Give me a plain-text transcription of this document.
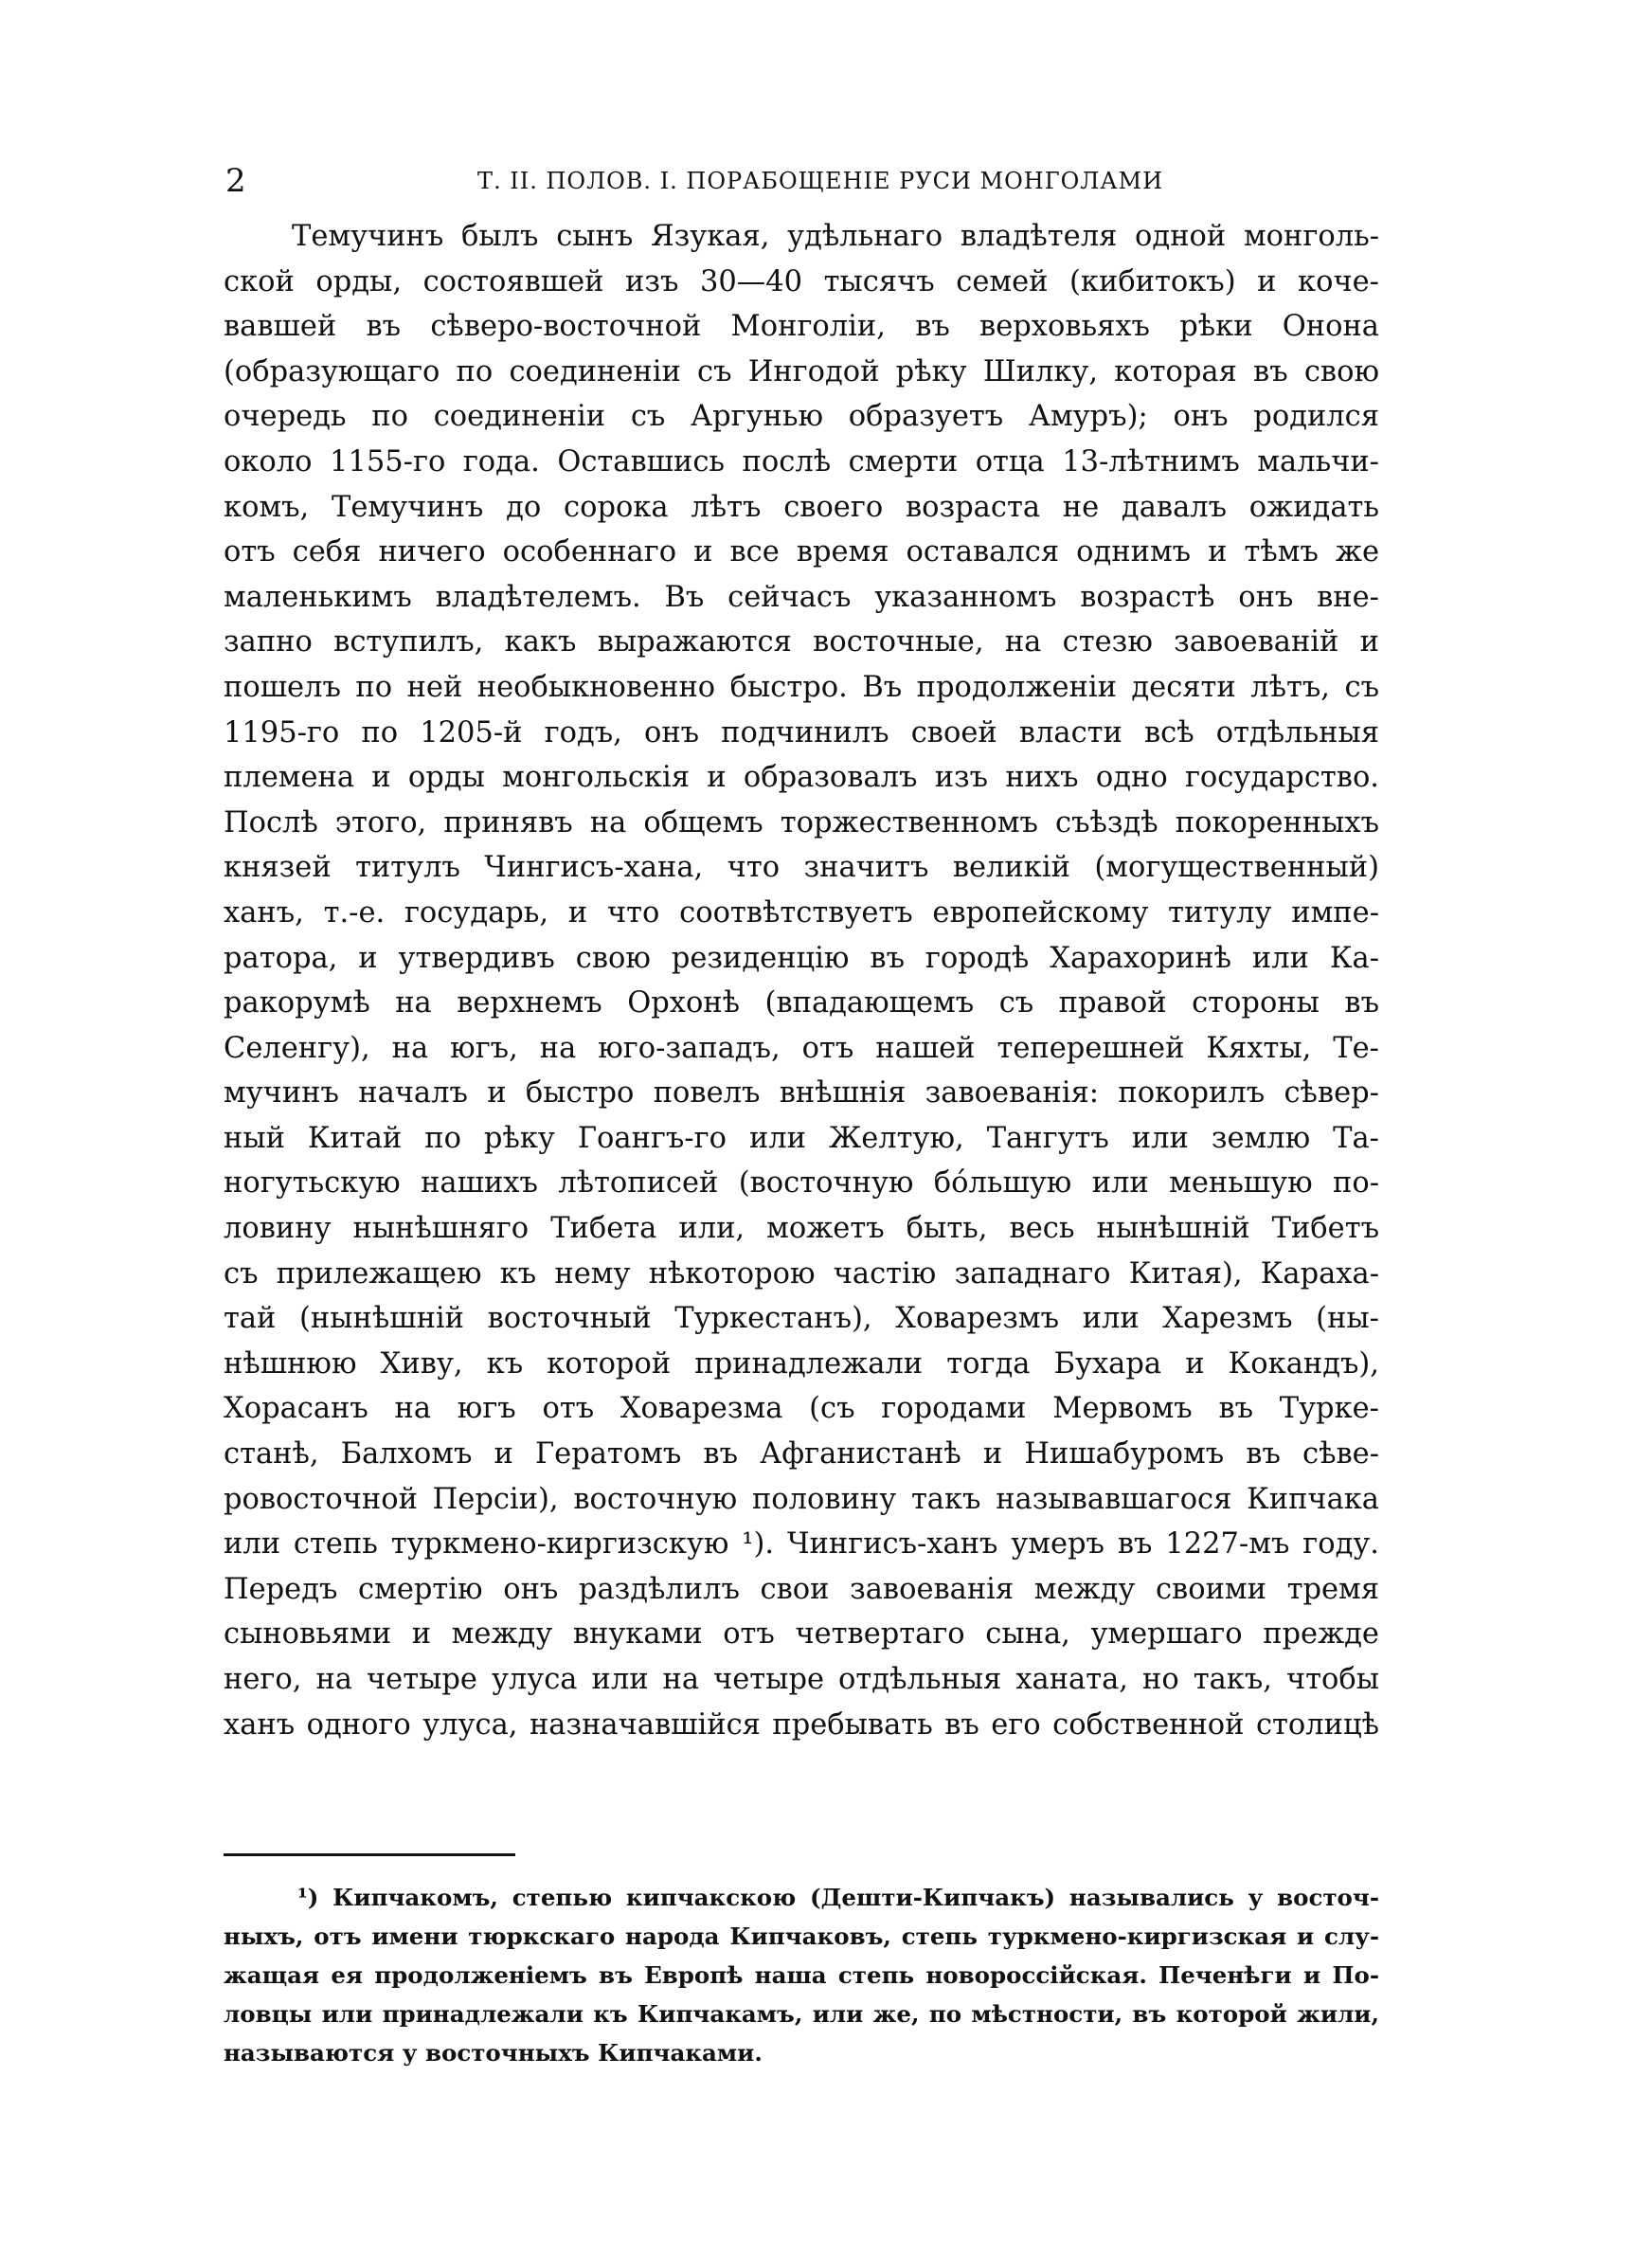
2	Т. II. ПОЛОВ. I. ПОРАБОЩЕНІЕ РУСИ МОНГОЛАМИ
Темучинъ былъ сынъ Язукая, удѣльнаго владѣтеля одной монголь-
ской орды, состоявшей изъ 30—40 тысячъ семей (кибитокъ) и коче-
вавшей въ сѣверо-восточной Монголіи, въ верховьяхъ рѣки Онона
(образующаго по соединеніи съ Ингодой рѣку Шилку, которая въ свою
очередь по соединеніи съ Аргунью образуетъ Амуръ); онъ родился
около 1155-го года. Оставшись послѣ смерти отца 13-лѣтнимъ мальчи-
комъ, Темучинъ до сорока лѣтъ своего возраста не давалъ ожидать
отъ себя ничего особеннаго и все время оставался однимъ и тѣмъ же
маленькимъ владѣтелемъ. Въ сейчасъ указанномъ возрастѣ онъ вне-
запно вступилъ, какъ выражаются восточные, на стезю завоеваній и
пошелъ по ней необыкновенно быстро. Въ продолженіи десяти лѣтъ, съ
1195-го по 1205-й годъ, онъ подчинилъ своей власти всѣ отдѣльныя
племена и орды монгольскія и образовалъ изъ нихъ одно государство.
Послѣ этого, принявъ на общемъ торжественномъ съѣздѣ покоренныхъ
князей титулъ Чингисъ-хана, что значитъ великій (могущественный)
ханъ, т.-е. государь, и что соотвѣтствуетъ европейскому титулу импе-
ратора, и утвердивъ свою резиденцію въ городѣ Харахоринѣ или Ка-
ракорумѣ на верхнемъ Орхонѣ (впадающемъ съ правой стороны въ
Селенгу), на югъ, на юго-западъ, отъ нашей теперешней Кяхты, Те-
мучинъ началъ и быстро повелъ внѣшнія завоеванія: покорилъ сѣвер-
ный Китай по рѣку Гоангъ-го или Желтую, Тангутъ или землю Та-
ногутьскую нашихъ лѣтописей (восточную бо́льшую или меньшую по-
ловину нынѣшняго Тибета или, можетъ быть, весь нынѣшній Тибетъ
съ прилежащею къ нему нѣкоторою частію западнаго Китая), Караха-
тай (нынѣшній восточный Туркестанъ), Ховарезмъ или Харезмъ (ны-
нѣшнюю Хиву, къ которой принадлежали тогда Бухара и Кокандъ),
Хорасанъ на югъ отъ Ховарезма (съ городами Мервомъ въ Турке-
станѣ, Балхомъ и Гератомъ въ Афганистанѣ и Нишабуромъ въ сѣве-
ровосточной Персіи), восточную половину такъ называвшагося Кипчака
или степь туркмено-киргизскую ¹). Чингисъ-ханъ умеръ въ 1227-мъ году.
Передъ смертію онъ раздѣлилъ свои завоеванія между своими тремя
сыновьями и между внуками отъ четвертаго сына, умершаго прежде
него, на четыре улуса или на четыре отдѣльныя ханата, но такъ, чтобы
ханъ одного улуса, назначавшійся пребывать въ его собственной столицѣ
¹) Кипчакомъ, степью кипчакскою (Дешти-Кипчакъ) назывались у восточ-
ныхъ, отъ имени тюркскаго народа Кипчаковъ, степь туркмено-киргизская и слу-
жащая ея продолженіемъ въ Европѣ наша степь новороссійская. Печенѣги и По-
ловцы или принадлежали къ Кипчакамъ, или же, по мѣстности, въ которой жили,
называются у восточныхъ Кипчаками.
